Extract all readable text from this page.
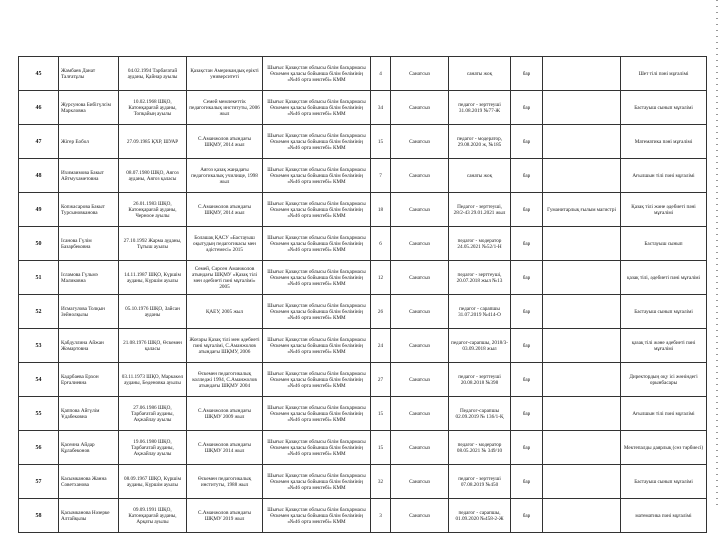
45	Жамбаев Данат Талғатұлы	04.02.1994 Тарбағатай ауданы, Қайнар ауылы	Қазақстан Американдық ерікті университеті	Шығыс Қазақстан облысы білім басқармасы Өскемен қаласы бойынша білім бөлімінің «№46 орта мектебі» КММ	4	Санатсыз	санаты жоқ	бар		Шет тілі пәні мұғалімі
46	Журсунова Бибігүлсім Маркловна	10.02.1968 ШҚО, Катонқарағай ауданы, Топқайың ауылы	Семей мемлекеттік педагогикалық институты, 2006 жыл	Шығыс Қазақстан облысы білім басқармасы Өскемен қаласы бойынша білім бөлімінің «№46 орта мектебі» КММ	34	Санатсыз	педагог - зерттеуші 31.08.2019 №77-Ж	бар		Бастауыш сынып мұғалімі
47	Жігер Еобол	27.09.1985 ҚХР, ШУАР	С.Аманжолов атындағы ШҚМУ, 2014 жыл	Шығыс Қазақстан облысы білім басқармасы Өскемен қаласы бойынша білім бөлімінің «№46 орта мектебі» КММ	15	Санатсыз	педагог - модератор, 29.08.2020 ж, №185	бар		Математика пәні мұғалімі
48	Ихимаимова Бакыт Айтмухаметовна	08.07.1980 ШҚО, Аягоз ауданы, Аягоз қаласы	Аягоз қазақ жаңадағы педагогикалық училище, 1998 жыл	Шығыс Қазақстан облысы білім басқармасы Өскемен қаласы бойынша білім бөлімінің «№46 орта мектебі» КММ	7	Санатсыз	санаты жоқ	бар		Ағылшын тілі пәні мұғалімі
49	Копжасарова Бакыт Турсыновканова	26.01.1983 ШҚО, Катонқарағай ауданы, Черноое ауылы	С.Аманжолов атындағы ШҚМУ, 2014 жыл	Шығыс Қазақстан облысы білім басқармасы Өскемен қаласы бойынша білім бөлімінің «№46 орта мектебі» КММ	18	Санатсыз	Педагог - зерттеуші, 28/2-43 29.01.2021 жыл	бар	Гуманитарлық ғылым магистрі	Қазақ тілі және әдебиеті пәні мұғалімі
50	Ісанова Гүлім Базарбековна	27.10.1992 Жарма ауданы, Тұтыш ауылы	Болашақ ҚАСУ «Бастауыш оқытудың педагогикасы мен әдістемесі» 2015	Шығыс Қазақстан облысы білім басқармасы Өскемен қаласы бойынша білім бөлімінің «№46 орта мектебі» КММ	6	Санатсыз	педагог - модератор 24.05.2021 №52/1-Н	бар		Бастауыш сынып
51	Ісламова Гүльмэ Маликовна	14.11.1987 ШҚО, Күршім ауданы, Күршім ауылы	Семей, Сәрсен Аманжолов атындағы ШҚМУ «Қазақ тілі мен әдебиеті пәні мұғалімі» 2005	Шығыс Қазақстан облысы білім басқармасы Өскемен қаласы бойынша білім бөлімінің «№46 орта мектебі» КММ	12	Санатсыз	педагог - зерттеуші, 20.07.2018 жыл №13	бар		қазақ тілі, әдебиеті пәні мұғалімі
52	Исмагулова Толқын Зейнолқызы	05.10.1976 ШҚО, Зайсан ауданы	ҚАЕУ, 2005 жыл	Шығыс Қазақстан облысы білім басқармасы Өскемен қаласы бойынша білім бөлімінің «№46 орта мектебі» КММ	26	Санатсыз	педагог - сарапшы 31.07.2019 №414-О	бар		Бастауыш сынып мұғалімі
53	Қабдуллина Айжан Жомартовна	21.08.1976 ШҚО, Өскемен қаласы	Жоғары Қазақ тілі мен әдебиеті пәні мұғалімі, С.Аманжолов атындағы ШҚМУ, 2006	Шығыс Қазақстан облысы білім басқармасы Өскемен қаласы бойынша білім бөлімінің «№46 орта мектебі» КММ	24	Санатсыз	педагог-сарапшы, 2018/3-03.09.2018 жыл	бар		қазақ тілі және әдебиеті пәні мұғалімі
54	Кадрбаева Ерхон Ерғалиевна	03.11.1973 ШҚО, Маркакөл ауданы, Бөденовка ауылы	Өскемен педагогикалық колледжі 1994, С.Аманжолов атындағы ШҚМУ 2004	Шығыс Қазақстан облысы білім басқармасы Өскемен қаласы бойынша білім бөлімінің «№46 орта мектебі» КММ	27	Санатсыз	педагог - зерттеуші 20.08.2018 №398	бар		Директордың оқу ісі жөніндегі орынбасары
55	Қаппова Айгүлім Ұдабековна	27.06.1986 ШҚО, Тарбағатай ауданы, Ақжайлау ауылы	С.Аманжолов атындағы ШҚМУ 2009 жыл	Шығыс Қазақстан облысы білім басқармасы Өскемен қаласы бойынша білім бөлімінің «№46 орта мектебі» КММ	15	Санатсыз	Педагог-сарапшы 02.09.2019 № 136/1-Қ	бар		Ағылшын тілі пәні мұғалімі
56	Қасеина Айдар Құлабеконов	19.06.1980 ШҚО, Тарбағатай ауданы, Ақжайлау ауылы	С.Аманжолов атындағы ШҚМУ 2014 жыл	Шығыс Қазақстан облысы білім басқармасы Өскемен қаласы бойынша білім бөлімінің «№46 орта мектебі» КММ	15	Санатсыз	педагог - модератор 08.05.2021 № 349/10	бар		Мектепалды даярлық (сөз тәрбиесі)
57	Касымканова Жанна Советханова	08.09.1967 ШҚО, Күршім ауданы, Күршім ауылы	Өскемен педагогикалық институты, 1988 жыл	Шығыс Қазақстан облысы білім басқармасы Өскемен қаласы бойынша білім бөлімінің «№46 орта мектебі» КММ	32	Санатсыз	педагог - зерттеуші 07.08.2019 №450	бар		Бастауыш сынып мұғалімі
58	Қасымканова Нәзерке Алтайқызы	09.09.1991 ШҚО, Катонқарағай ауданы, Арқаты ауылы	С.Аманжолов атындағы ШҚМУ 2019 жыл	Шығыс Қазақстан облысы білім басқармасы Өскемен қаласы бойынша білім бөлімінің «№46 орта мектебі» КММ	3	Санатсыз	педагог - сарапшы, 01.09.2020 №458-2-Ж	бар		математика пәні мұғалімі
